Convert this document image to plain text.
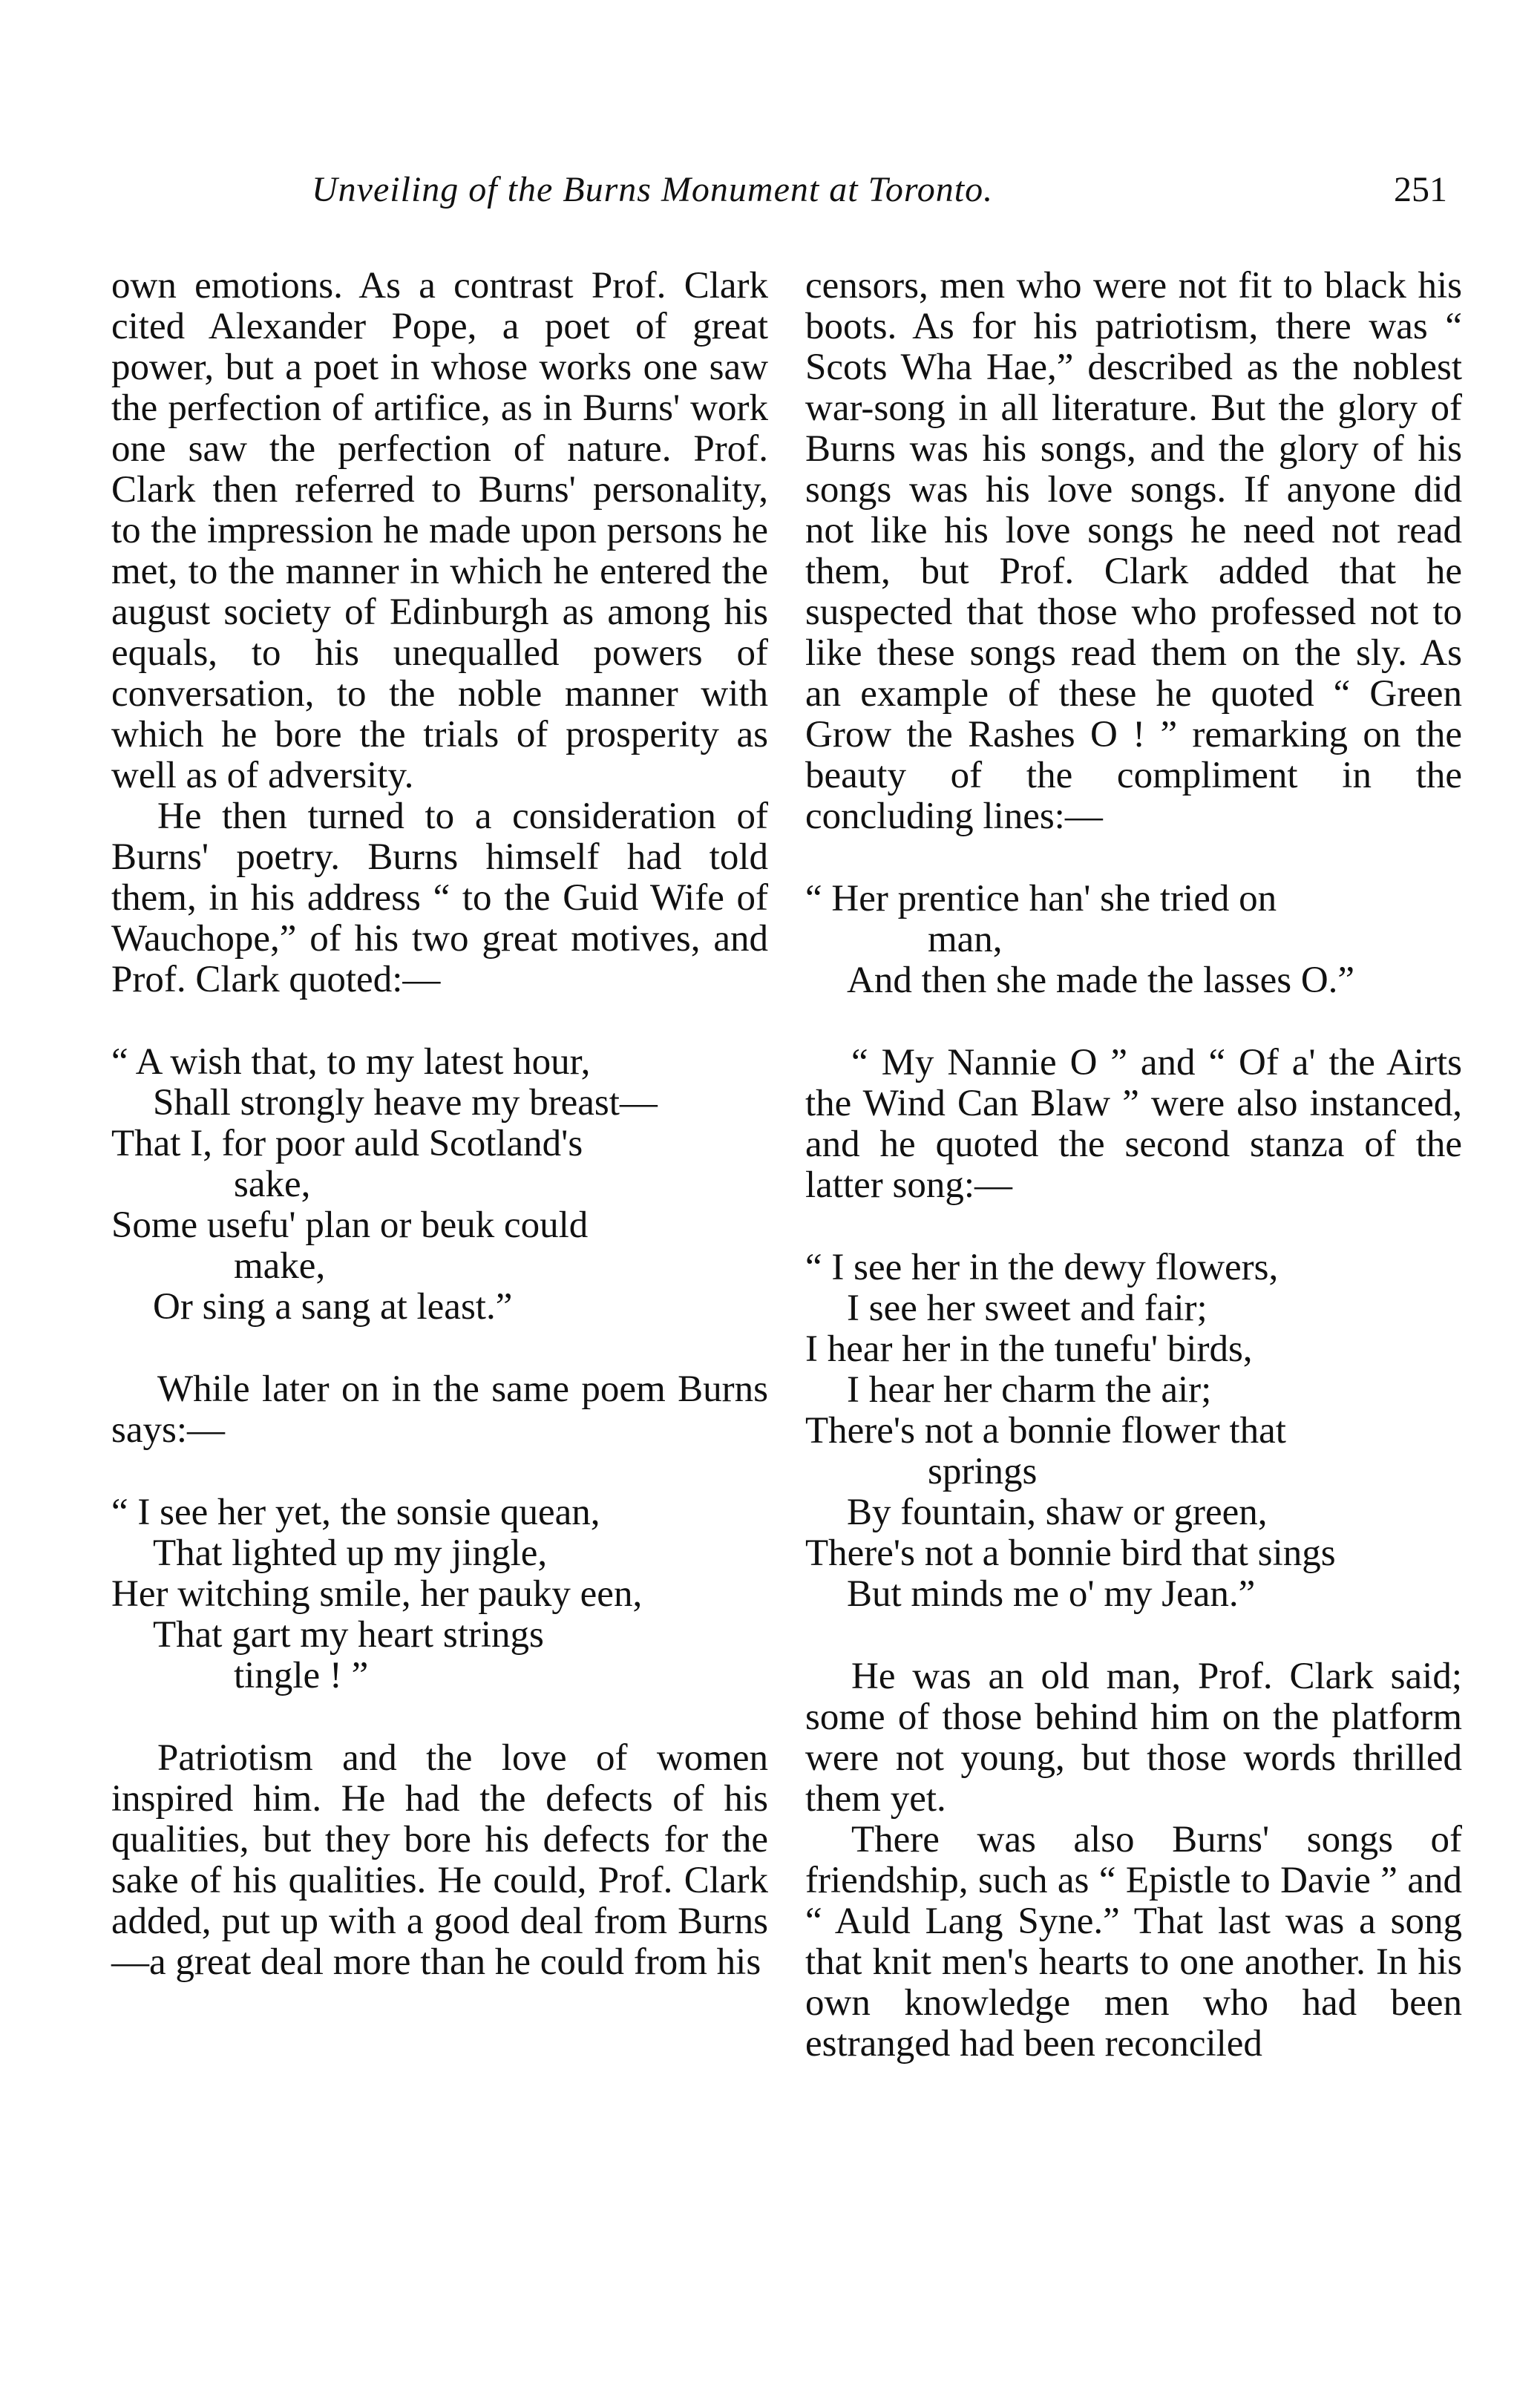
Unveiling of the Burns Monument at Toronto.	251

own emotions. As a contrast Prof. Clark cited Alexander Pope, a poet of great power, but a poet in whose works one saw the perfection of artifice, as in Burns' work one saw the perfection of nature. Prof. Clark then referred to Burns' personality, to the impression he made upon persons he met, to the manner in which he entered the august society of Edinburgh as among his equals, to his unequalled powers of conversation, to the noble manner with which he bore the trials of prosperity as well as of adversity.

He then turned to a consideration of Burns' poetry. Burns himself had told them, in his address “ to the Guid Wife of Wauchope,” of his two great motives, and Prof. Clark quoted:—

“ A wish that, to my latest hour,
Shall strongly heave my breast—
That I, for poor auld Scotland's
sake,
Some usefu' plan or beuk could
make,
Or sing a sang at least.”

While later on in the same poem Burns says:—

“ I see her yet, the sonsie quean,
That lighted up my jingle,
Her witching smile, her pauky een,
That gart my heart strings
tingle ! ”

Patriotism and the love of women inspired him. He had the defects of his qualities, but they bore his defects for the sake of his qualities. He could, Prof. Clark added, put up with a good deal from Burns—a great deal more than he could from his

censors, men who were not fit to black his boots. As for his patriotism, there was “ Scots Wha Hae,” described as the noblest war-song in all literature. But the glory of Burns was his songs, and the glory of his songs was his love songs. If anyone did not like his love songs he need not read them, but Prof. Clark added that he suspected that those who professed not to like these songs read them on the sly. As an example of these he quoted “ Green Grow the Rashes O ! ” remarking on the beauty of the compliment in the concluding lines:—

“ Her prentice han' she tried on
man,
And then she made the lasses O.”

“ My Nannie O ” and “ Of a' the Airts the Wind Can Blaw ” were also instanced, and he quoted the second stanza of the latter song:—

“ I see her in the dewy flowers,
I see her sweet and fair;
I hear her in the tunefu' birds,
I hear her charm the air;
There's not a bonnie flower that
springs
By fountain, shaw or green,
There's not a bonnie bird that sings
But minds me o' my Jean.”

He was an old man, Prof. Clark said; some of those behind him on the platform were not young, but those words thrilled them yet.

There was also Burns' songs of friendship, such as “ Epistle to Davie ” and “ Auld Lang Syne.” That last was a song that knit men's hearts to one another. In his own knowledge men who had been estranged had been reconciled
